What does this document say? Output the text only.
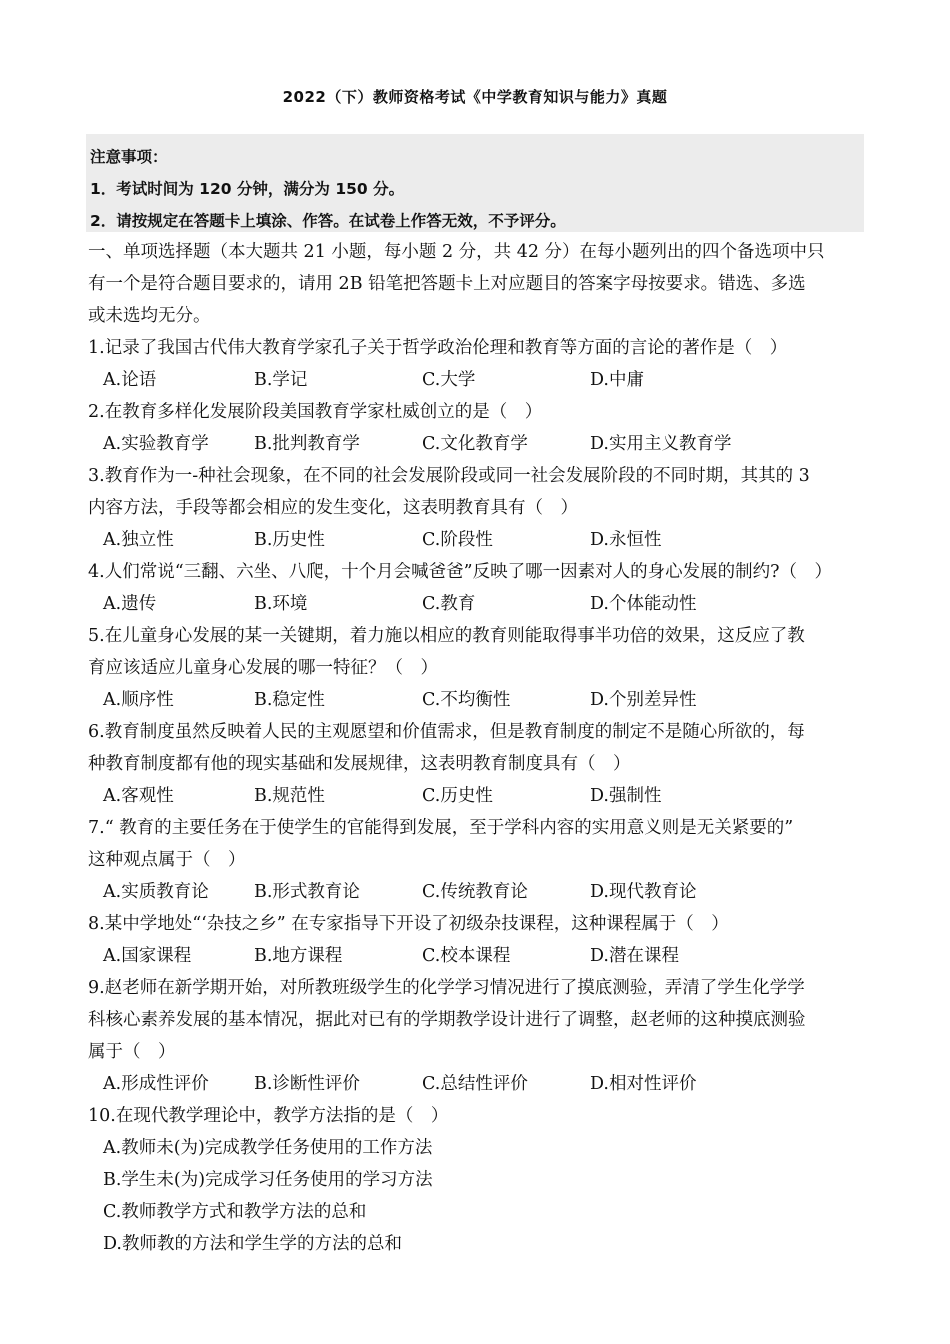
2022（下）教师资格考试《中学教育知识与能力》真题
注意事项：
1．考试时间为 120 分钟，满分为 150 分。
2．请按规定在答题卡上填涂、作答。在试卷上作答无效，不予评分。
一、单项选择题（本大题共 21 小题，每小题 2 分，共 42 分）在每小题列出的四个备选项中只
有一个是符合题目要求的，请用 2B 铅笔把答题卡上对应题目的答案字母按要求。错选、多选
或未选均无分。
1.记录了我国古代伟大教育学家孔子关于哲学政治伦理和教育等方面的言论的著作是（　）
A.论语	B.学记	C.大学	D.中庸
2.在教育多样化发展阶段美国教育学家杜威创立的是（　）
A.实验教育学	B.批判教育学	C.文化教育学	D.实用主义教育学
3.教育作为一-种社会现象，在不同的社会发展阶段或同一社会发展阶段的不同时期，其其的 3
内容方法，手段等都会相应的发生变化，这表明教育具有（　）
A.独立性	B.历史性	C.阶段性	D.永恒性
4.人们常说“三翻、六坐、八爬，十个月会喊爸爸”反映了哪一因素对人的身心发展的制约?（　）
A.遗传	B.环境	C.教育	D.个体能动性
5.在儿童身心发展的某一关键期，着力施以相应的教育则能取得事半功倍的效果，这反应了教
育应该适应儿童身心发展的哪一特征？（　）
A.顺序性	B.稳定性	C.不均衡性	D.个别差异性
6.教育制度虽然反映着人民的主观愿望和价值需求，但是教育制度的制定不是随心所欲的，每
种教育制度都有他的现实基础和发展规律，这表明教育制度具有（　）
A.客观性	B.规范性	C.历史性	D.强制性
7.“ 教育的主要任务在于使学生的官能得到发展，至于学科内容的实用意义则是无关紧要的”
这种观点属于（　）
A.实质教育论	B.形式教育论	C.传统教育论	D.现代教育论
8.某中学地处“‘杂技之乡” 在专家指导下开设了初级杂技课程，这种课程属于（　）
A.国家课程	B.地方课程	C.校本课程	D.潜在课程
9.赵老师在新学期开始，对所教班级学生的化学学习情况进行了摸底测验，弄清了学生化学学
科核心素养发展的基本情况，据此对已有的学期教学设计进行了调整，赵老师的这种摸底测验
属于（　）
A.形成性评价	B.诊断性评价	C.总结性评价	D.相对性评价
10.在现代教学理论中，教学方法指的是（　）
A.教师未(为)完成教学任务使用的工作方法
B.学生未(为)完成学习任务使用的学习方法
C.教师教学方式和教学方法的总和
D.教师教的方法和学生学的方法的总和
